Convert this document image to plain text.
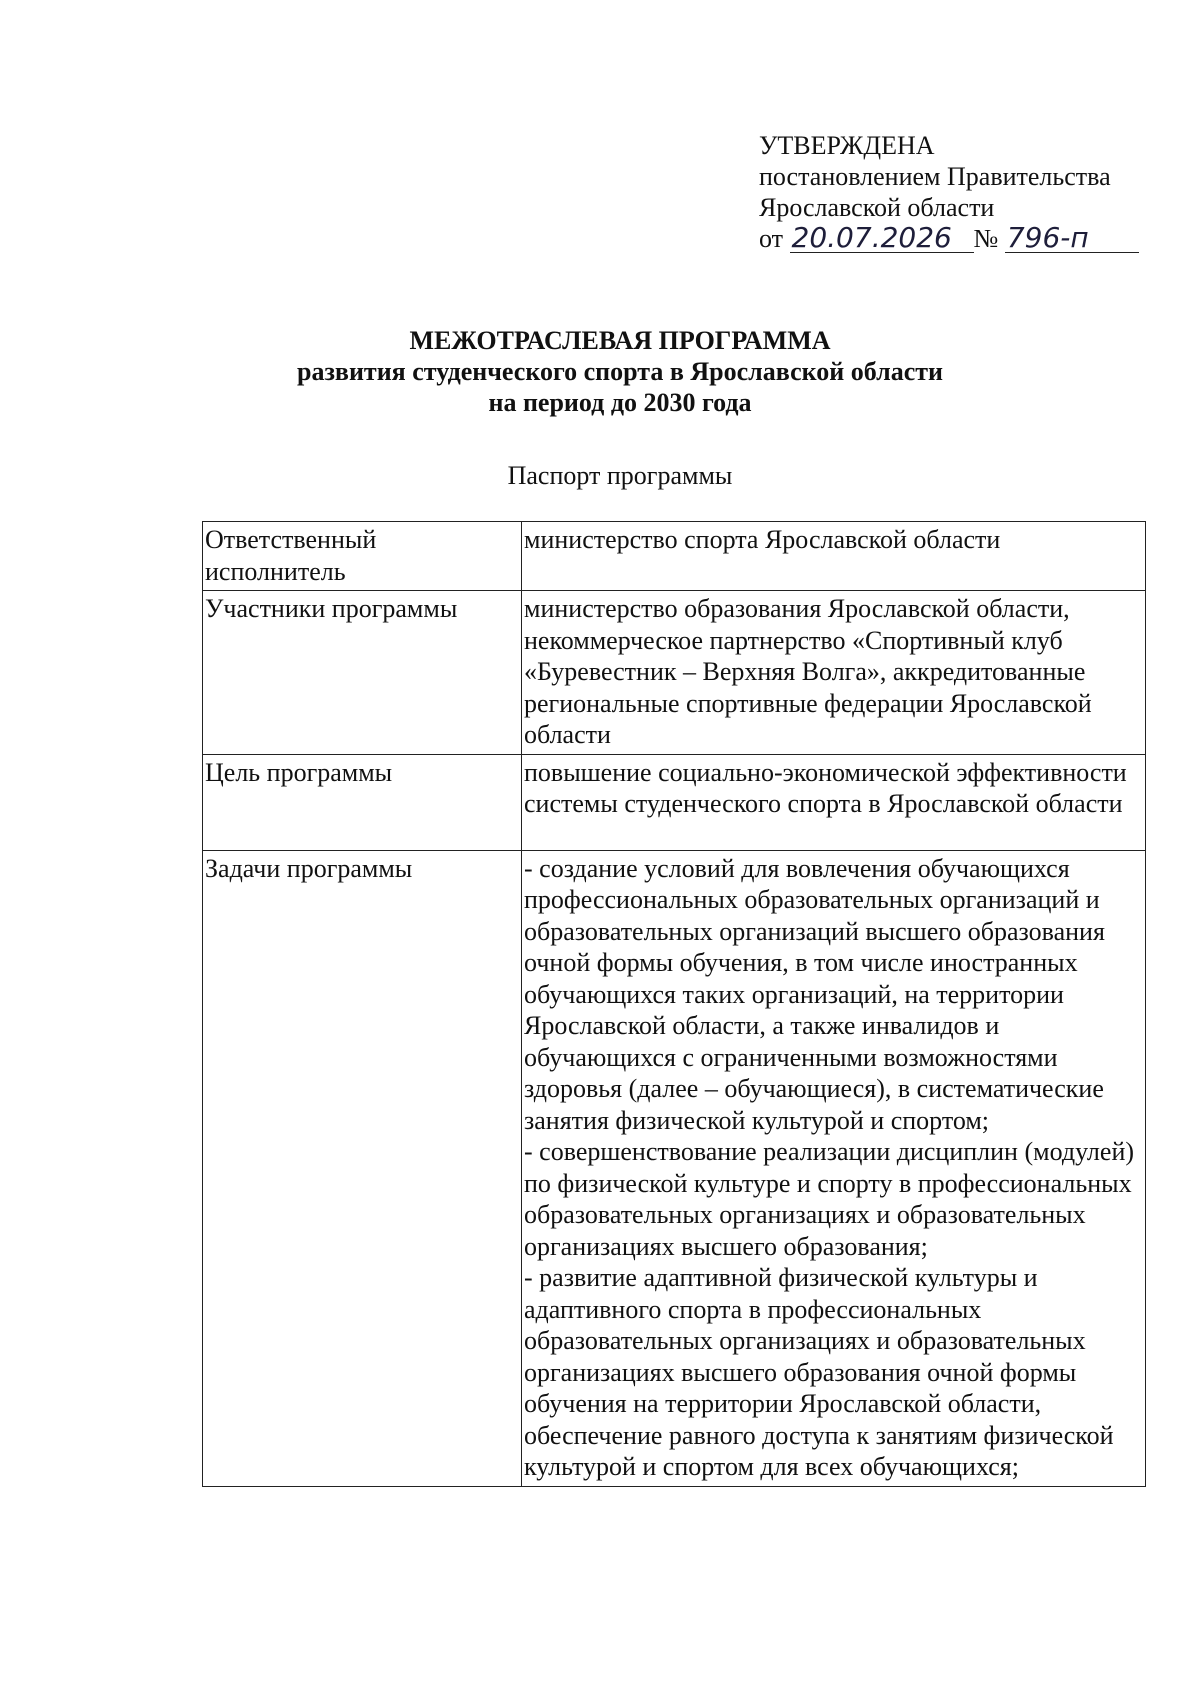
УТВЕРЖДЕНА
постановлением Правительства
Ярославской области
от 20.07.2026 № 796-п
МЕЖОТРАСЛЕВАЯ ПРОГРАММА
развития студенческого спорта в Ярославской области
на период до 2030 года
Паспорт программы
Ответственный исполнитель	министерство спорта Ярославской области

Участники программы	министерство образования Ярославской области, некоммерческое партнерство «Спортивный клуб «Буревестник – Верхняя Волга», аккредитованные региональные спортивные федерации Ярославской области

Цель программы	повышение социально-экономической эффективности системы студенческого спорта в Ярославской области

Задачи программы	- создание условий для вовлечения обучающихся профессиональных образовательных организаций и образовательных организаций высшего образования очной формы обучения, в том числе иностранных обучающихся таких организаций, на территории Ярославской области, а также инвалидов и обучающихся с ограниченными возможностями здоровья (далее – обучающиеся), в систематические занятия физической культурой и спортом;
- совершенствование реализации дисциплин (модулей) по физической культуре и спорту в профессиональных образовательных организациях и образовательных организациях высшего образования;
- развитие адаптивной физической культуры и адаптивного спорта в профессиональных образовательных организациях и образовательных организациях высшего образования очной формы обучения на территории Ярославской области, обеспечение равного доступа к занятиям физической культурой и спортом для всех обучающихся;
